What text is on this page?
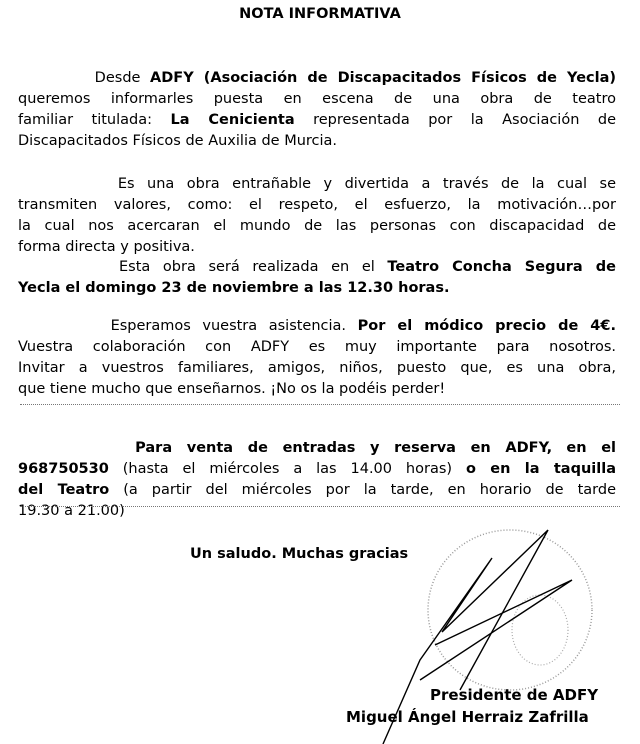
NOTA INFORMATIVA
Desde ADFY (Asociación de Discapacitados Físicos de Yecla)
queremos informarles puesta en escena de una obra de teatro
familiar titulada: La Cenicienta representada por la Asociación de
Discapacitados Físicos de Auxilia de Murcia.
Es una obra entrañable y divertida a través de la cual se
transmiten valores, como: el respeto, el esfuerzo, la motivación…por
la cual nos acercaran el mundo de las personas con discapacidad de
forma directa y positiva.
Esta obra será realizada en el Teatro Concha Segura de
Yecla el domingo 23 de noviembre a las 12.30 horas.
Esperamos vuestra asistencia. Por el módico precio de 4€.
Vuestra colaboración con ADFY es muy importante para nosotros.
Invitar a vuestros familiares, amigos, niños, puesto que, es una obra,
que tiene mucho que enseñarnos. ¡No os la podéis perder!
Para venta de entradas y reserva en ADFY, en el
968750530 (hasta el miércoles a las 14.00 horas) o en la taquilla
del Teatro (a partir del miércoles por la tarde, en horario de tarde
19.30 a 21.00)
Un saludo. Muchas gracias
Presidente de ADFY
Miguel Ángel Herraiz Zafrilla
